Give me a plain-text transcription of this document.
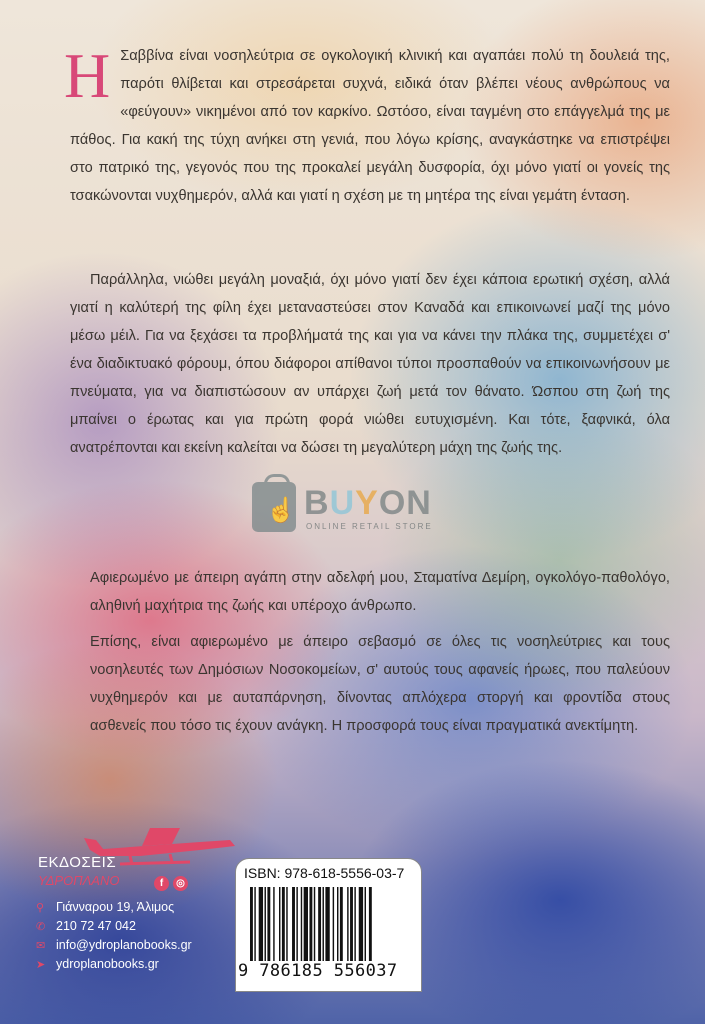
Η Σαββίνα είναι νοσηλεύτρια σε ογκολογική κλινική και αγαπάει πολύ τη δουλειά της, παρότι θλίβεται και στρεσάρεται συχνά, ειδικά όταν βλέπει νέους ανθρώπους να «φεύγουν» νικημένοι από τον καρκίνο. Ωστόσο, είναι ταγμένη στο επάγγελμά της με πάθος. Για κακή της τύχη ανήκει στη γενιά, που λόγω κρίσης, αναγκάστηκε να επιστρέψει στο πατρικό της, γεγονός που της προκαλεί μεγάλη δυσφορία, όχι μόνο γιατί οι γονείς της τσακώνονται νυχθημερόν, αλλά και γιατί η σχέση με τη μητέρα της είναι γεμάτη ένταση.

Παράλληλα, νιώθει μεγάλη μοναξιά, όχι μόνο γιατί δεν έχει κάποια ερωτική σχέση, αλλά γιατί η καλύτερή της φίλη έχει μεταναστεύσει στον Καναδά και επικοινωνεί μαζί της μόνο μέσω μέιλ. Για να ξεχάσει τα προβλήματά της και για να κάνει την πλάκα της, συμμετέχει σ' ένα διαδικτυακό φόρουμ, όπου διάφοροι απίθανοι τύποι προσπαθούν να επικοινωνήσουν με πνεύματα, για να διαπιστώσουν αν υπάρχει ζωή μετά τον θάνατο. Ώσπου στη ζωή της μπαίνει ο έρωτας και για πρώτη φορά νιώθει ευτυχισμένη. Και τότε, ξαφνικά, όλα ανατρέπονται και εκείνη καλείται να δώσει τη μεγαλύτερη μάχη της ζωής της.

☝ BUYON
ONLINE RETAIL STORE

Αφιερωμένο με άπειρη αγάπη στην αδελφή μου, Σταματίνα Δεμίρη, ογκολόγο-παθολόγο, αληθινή μαχήτρια της ζωής και υπέροχο άνθρωπο.

Επίσης, είναι αφιερωμένο με άπειρο σεβασμό σε όλες τις νοσηλεύτριες και τους νοσηλευτές των Δημόσιων Νοσοκομείων, σ' αυτούς τους αφανείς ήρωες, που παλεύουν νυχθημερόν και με αυταπάρνηση, δίνοντας απλόχερα στοργή και φροντίδα στους ασθενείς που τόσο τις έχουν ανάγκη. Η προσφορά τους είναι πραγματικά ανεκτίμητη.

ΕΚΔΟΣΕΙΣ
ΥΔΡΟΠΛΑΝΟ	f	◎
⚲ Γιάνναρου 19, Άλιμος
✆ 210 72 47 042
✉ info@ydroplanobooks.gr
➤ ydroplanobooks.gr
ISBN: 978-618-5556-03-7
9 786185 556037
